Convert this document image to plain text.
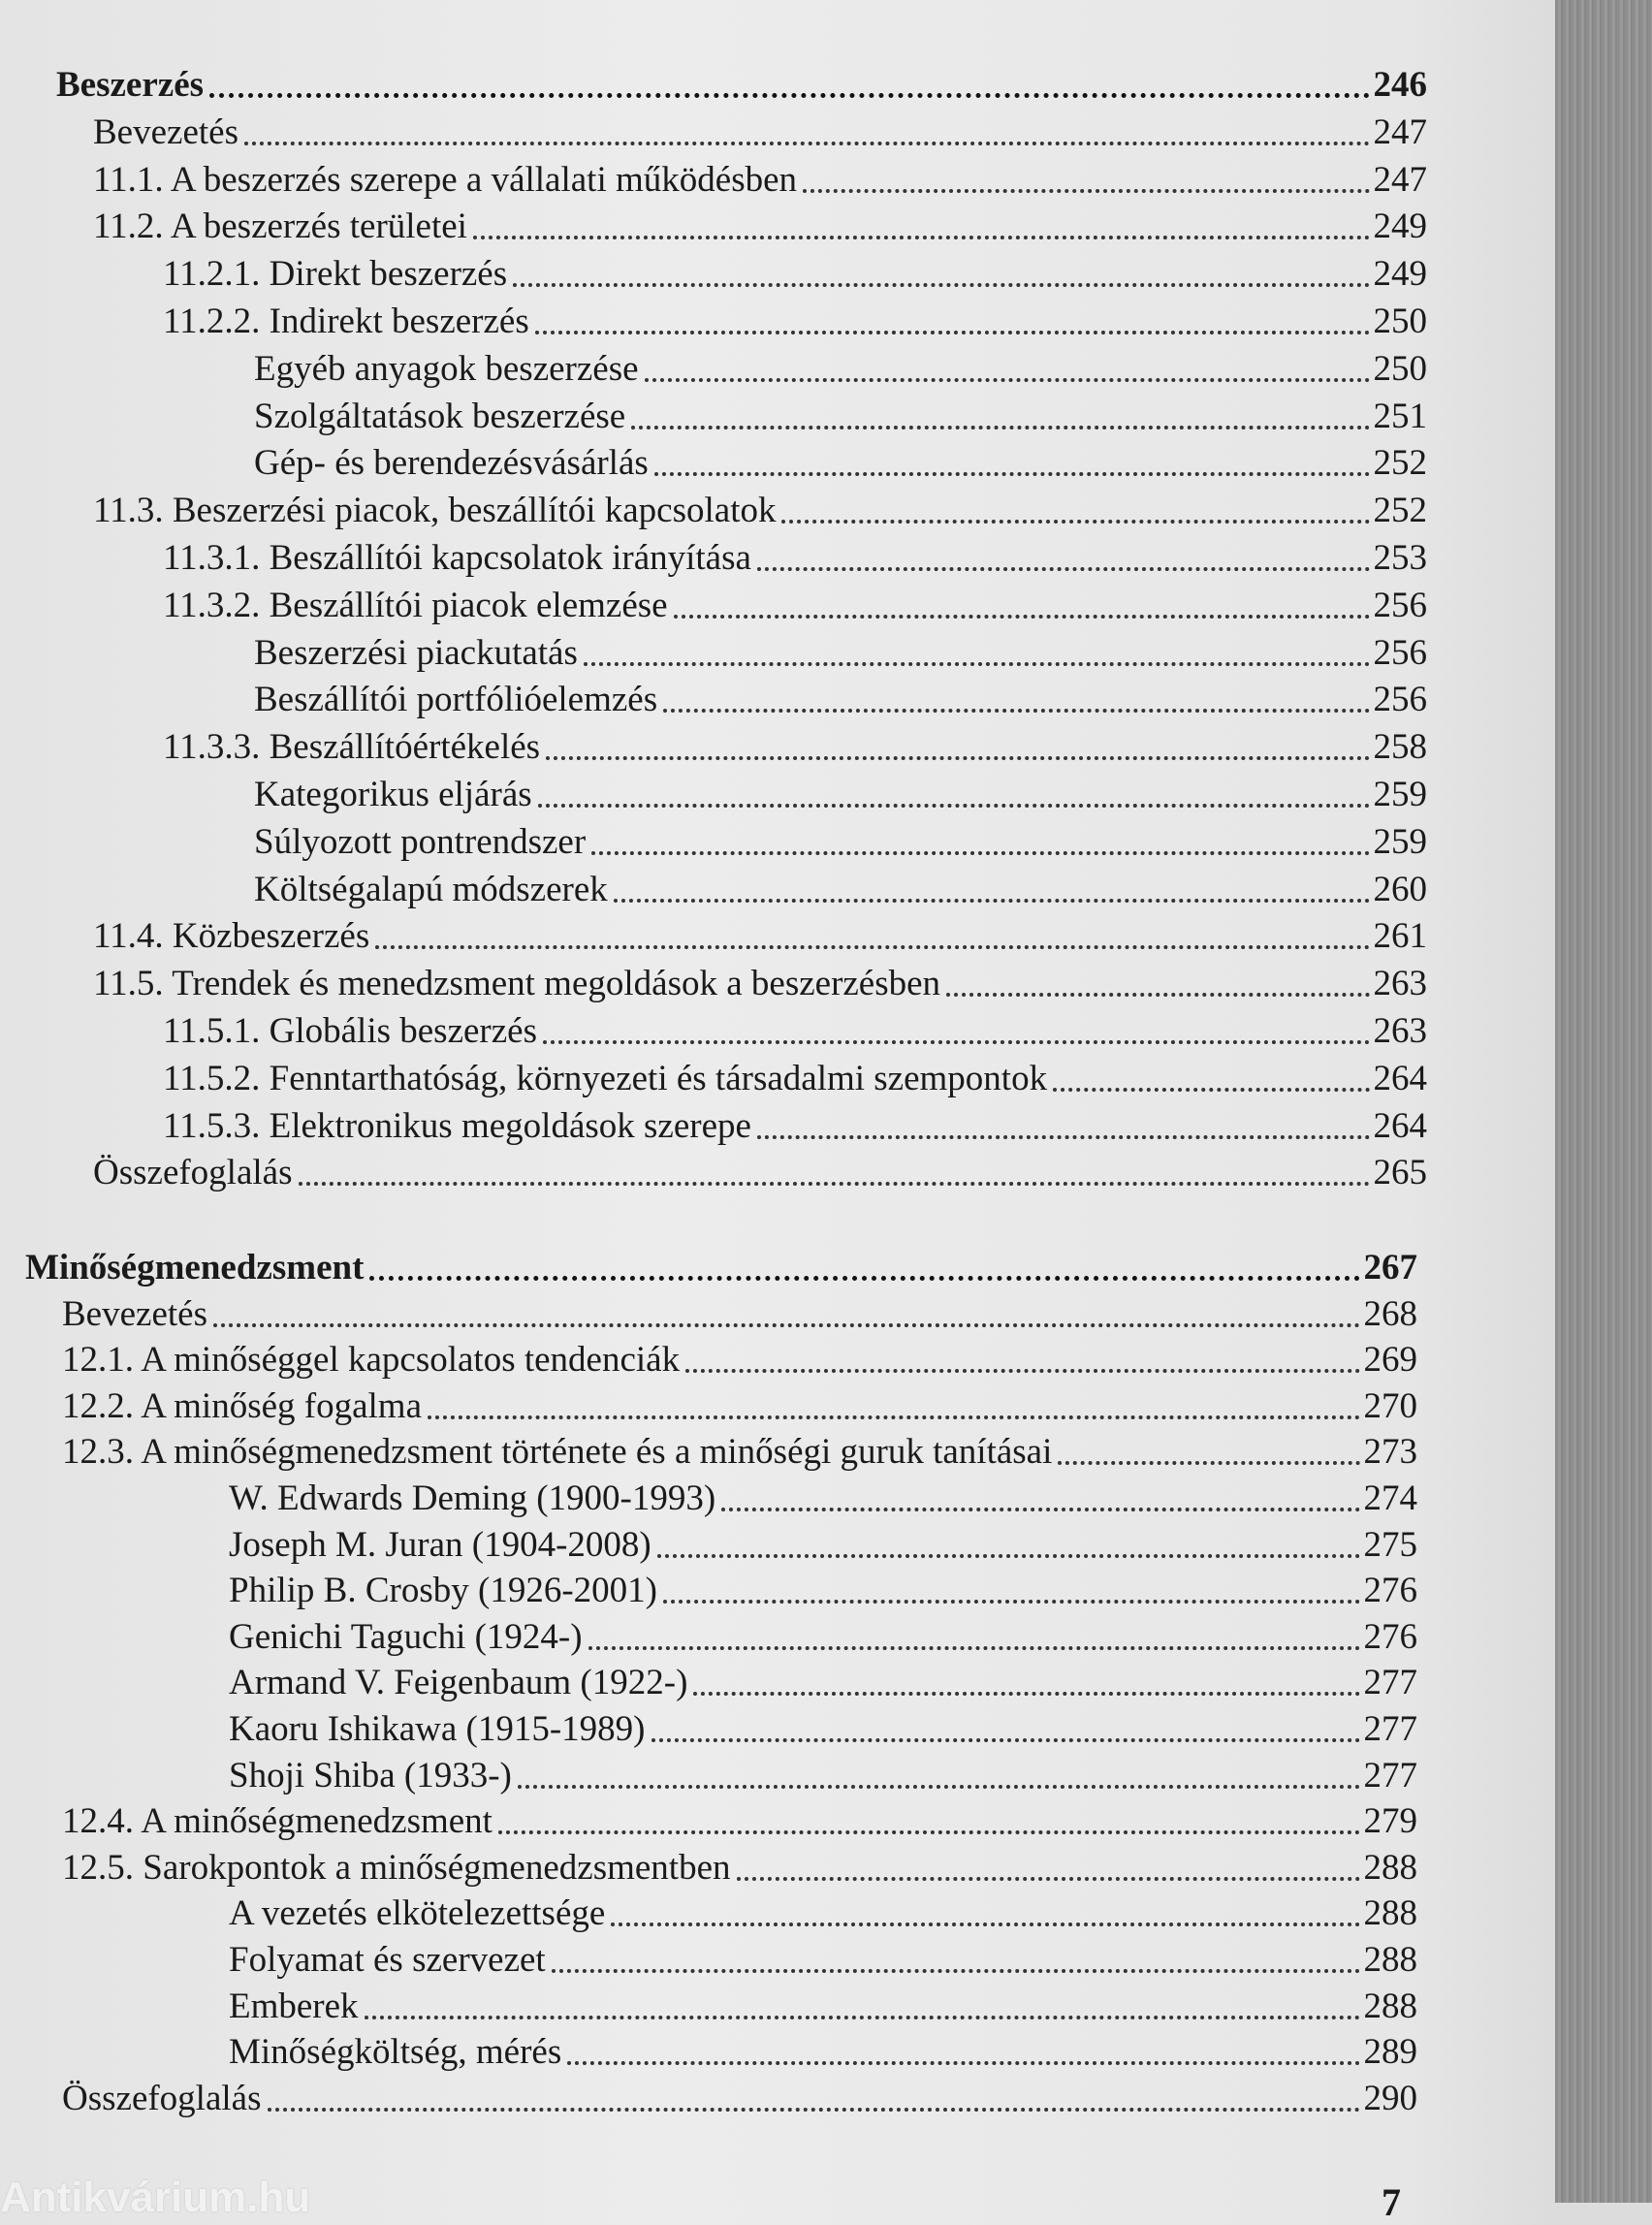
Beszerzés	246
Bevezetés	247
11.1. A beszerzés szerepe a vállalati működésben	247
11.2. A beszerzés területei	249
11.2.1. Direkt beszerzés	249
11.2.2. Indirekt beszerzés	250
Egyéb anyagok beszerzése	250
Szolgáltatások beszerzése	251
Gép- és berendezésvásárlás	252
11.3. Beszerzési piacok, beszállítói kapcsolatok	252
11.3.1. Beszállítói kapcsolatok irányítása	253
11.3.2. Beszállítói piacok elemzése	256
Beszerzési piackutatás	256
Beszállítói portfólióelemzés	256
11.3.3. Beszállítóértékelés	258
Kategorikus eljárás	259
Súlyozott pontrendszer	259
Költségalapú módszerek	260
11.4. Közbeszerzés	261
11.5. Trendek és menedzsment megoldások a beszerzésben	263
11.5.1. Globális beszerzés	263
11.5.2. Fenntarthatóság, környezeti és társadalmi szempontok	264
11.5.3. Elektronikus megoldások szerepe	264
Összefoglalás	265
Minőségmenedzsment	267
Bevezetés	268
12.1. A minőséggel kapcsolatos tendenciák	269
12.2. A minőség fogalma	270
12.3. A minőségmenedzsment története és a minőségi guruk tanításai	273
W. Edwards Deming (1900-1993)	274
Joseph M. Juran (1904-2008)	275
Philip B. Crosby (1926-2001)	276
Genichi Taguchi (1924-)	276
Armand V. Feigenbaum (1922-)	277
Kaoru Ishikawa (1915-1989)	277
Shoji Shiba (1933-)	277
12.4. A minőségmenedzsment	279
12.5. Sarokpontok a minőségmenedzsmentben	288
A vezetés elkötelezettsége	288
Folyamat és szervezet	288
Emberek	288
Minőségköltség, mérés	289
Összefoglalás	290
Antikvárium.hu	7
